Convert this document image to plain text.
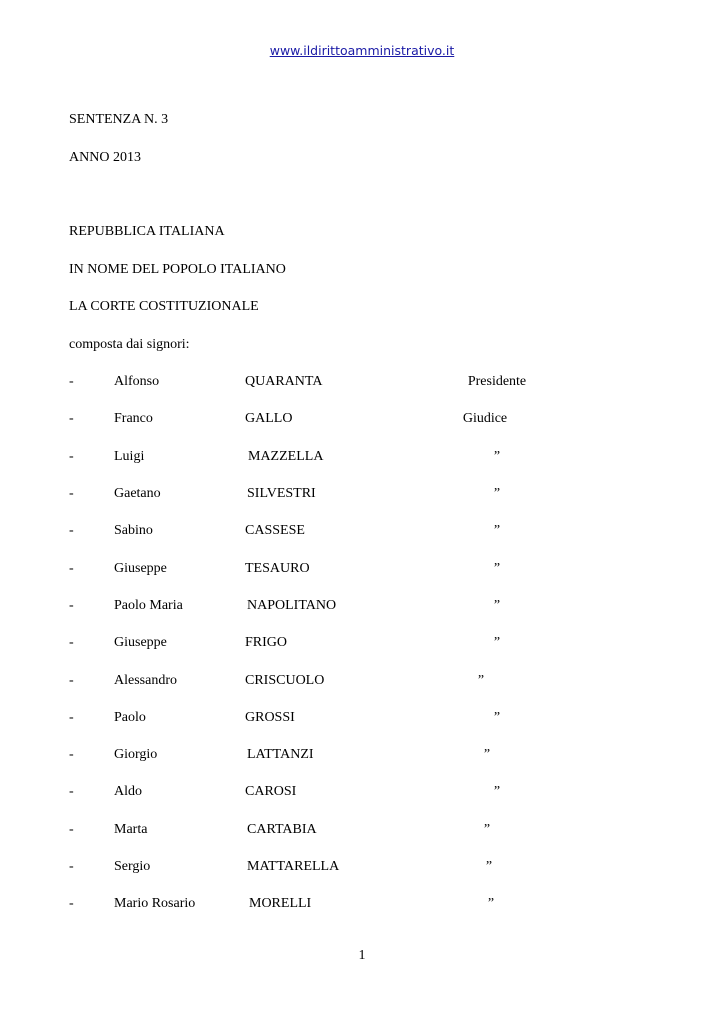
www.ildirittoamministrativo.it
SENTENZA N. 3
ANNO 2013
REPUBBLICA ITALIANA
IN NOME DEL POPOLO ITALIANO
LA CORTE COSTITUZIONALE
composta dai signori:
-	Alfonso	QUARANTA	Presidente
-	Franco	GALLO	Giudice
-	Luigi	MAZZELLA	”
-	Gaetano	SILVESTRI	”
-	Sabino	CASSESE	”
-	Giuseppe	TESAURO	”
-	Paolo Maria	NAPOLITANO	”
-	Giuseppe	FRIGO	”
-	Alessandro	CRISCUOLO	”
-	Paolo	GROSSI	”
-	Giorgio	LATTANZI	”
-	Aldo	CAROSI	”
-	Marta	CARTABIA	”
-	Sergio	MATTARELLA	”
-	Mario Rosario	MORELLI	”
1
